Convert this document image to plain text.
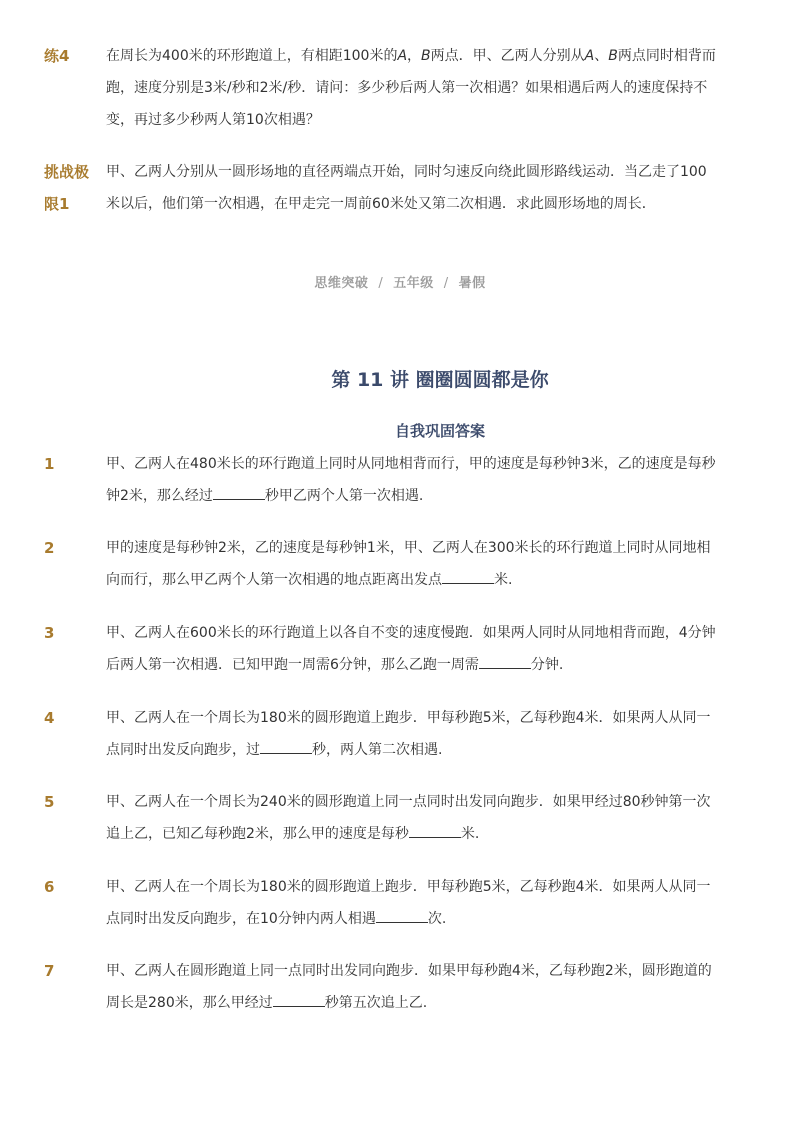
练4	在周长为400米的环形跑道上，有相距100米的A，B两点．甲、乙两人分别从A、B两点同时相背而跑，速度分别是3米/秒和2米/秒．请问：多少秒后两人第一次相遇？如果相遇后两人的速度保持不变，再过多少秒两人第10次相遇？
挑战极
限1
甲、乙两人分别从一圆形场地的直径两端点开始，同时匀速反向绕此圆形路线运动．当乙走了100米以后，他们第一次相遇，在甲走完一周前60米处又第二次相遇．求此圆形场地的周长．
思维突破 / 五年级 / 暑假
第 11 讲 圈圈圆圆都是你
自我巩固答案
1	甲、乙两人在480米长的环行跑道上同时从同地相背而行，甲的速度是每秒钟3米，乙的速度是每秒钟2米，那么经过	秒甲乙两个人第一次相遇.
2	甲的速度是每秒钟2米，乙的速度是每秒钟1米，甲、乙两人在300米长的环行跑道上同时从同地相向而行，那么甲乙两个人第一次相遇的地点距离出发点	米.
3	甲、乙两人在600米长的环行跑道上以各自不变的速度慢跑．如果两人同时从同地相背而跑，4分钟后两人第一次相遇．已知甲跑一周需6分钟，那么乙跑一周需	分钟.
4	甲、乙两人在一个周长为180米的圆形跑道上跑步．甲每秒跑5米，乙每秒跑4米．如果两人从同一点同时出发反向跑步，过	秒，两人第二次相遇.
5	甲、乙两人在一个周长为240米的圆形跑道上同一点同时出发同向跑步．如果甲经过80秒钟第一次追上乙，已知乙每秒跑2米，那么甲的速度是每秒	米.
6	甲、乙两人在一个周长为180米的圆形跑道上跑步．甲每秒跑5米，乙每秒跑4米．如果两人从同一点同时出发反向跑步，在10分钟内两人相遇	次.
7	甲、乙两人在圆形跑道上同一点同时出发同向跑步．如果甲每秒跑4米，乙每秒跑2米，圆形跑道的周长是280米，那么甲经过	秒第五次追上乙.
